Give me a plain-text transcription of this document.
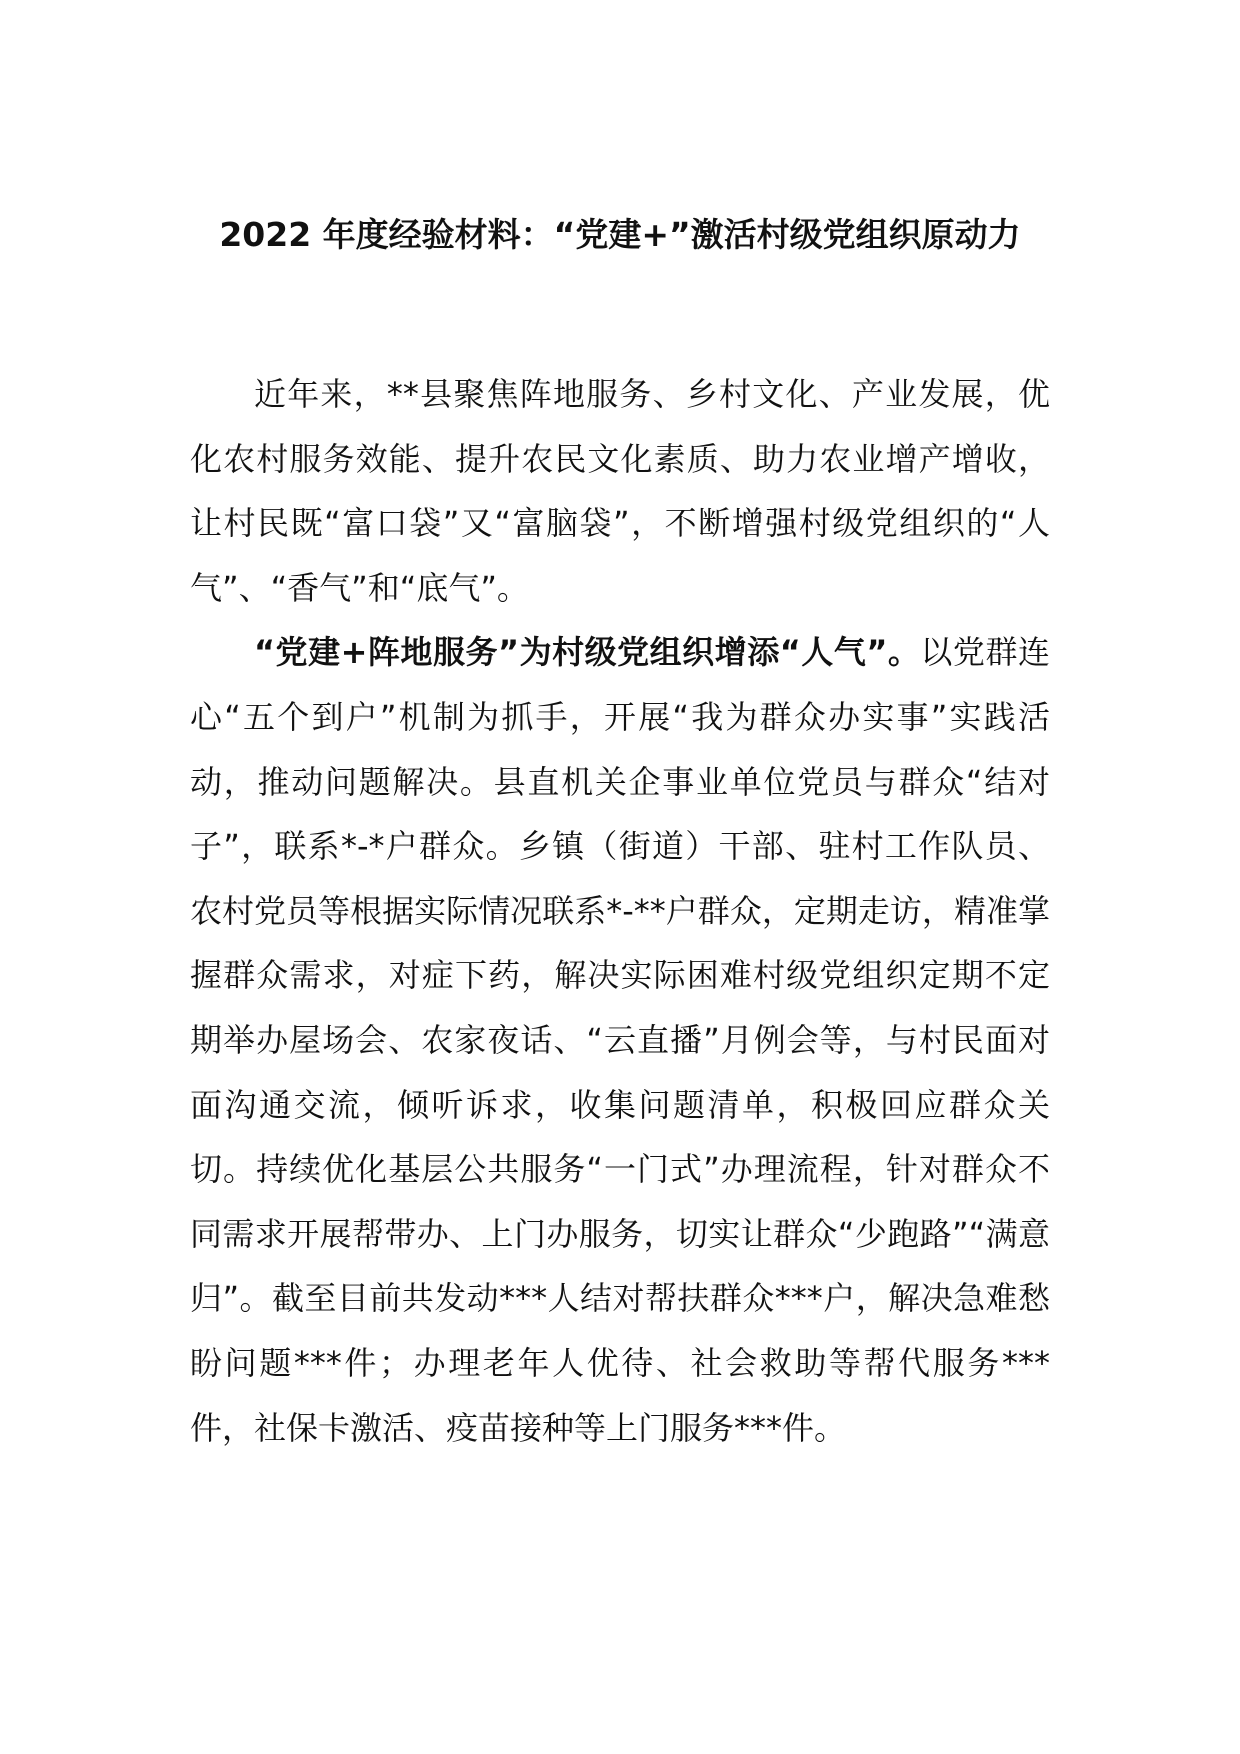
2022 年度经验材料：“党建+”激活村级党组织原动力

近年来，**县聚焦阵地服务、乡村文化、产业发展，优化农村服务效能、提升农民文化素质、助力农业增产增收，让村民既“富口袋”又“富脑袋”，不断增强村级党组织的“人气”、“香气”和“底气”。

“党建+阵地服务”为村级党组织增添“人气”。以党群连心“五个到户”机制为抓手，开展“我为群众办实事”实践活动，推动问题解决。县直机关企事业单位党员与群众“结对子”，联系*-*户群众。乡镇（街道）干部、驻村工作队员、农村党员等根据实际情况联系*-**户群众，定期走访，精准掌握群众需求，对症下药，解决实际困难村级党组织定期不定期举办屋场会、农家夜话、“云直播”月例会等，与村民面对面沟通交流，倾听诉求，收集问题清单，积极回应群众关切。持续优化基层公共服务“一门式”办理流程，针对群众不同需求开展帮带办、上门办服务，切实让群众“少跑路”“满意归”。截至目前共发动***人结对帮扶群众***户，解决急难愁盼问题***件；办理老年人优待、社会救助等帮代服务***件，社保卡激活、疫苗接种等上门服务***件。
